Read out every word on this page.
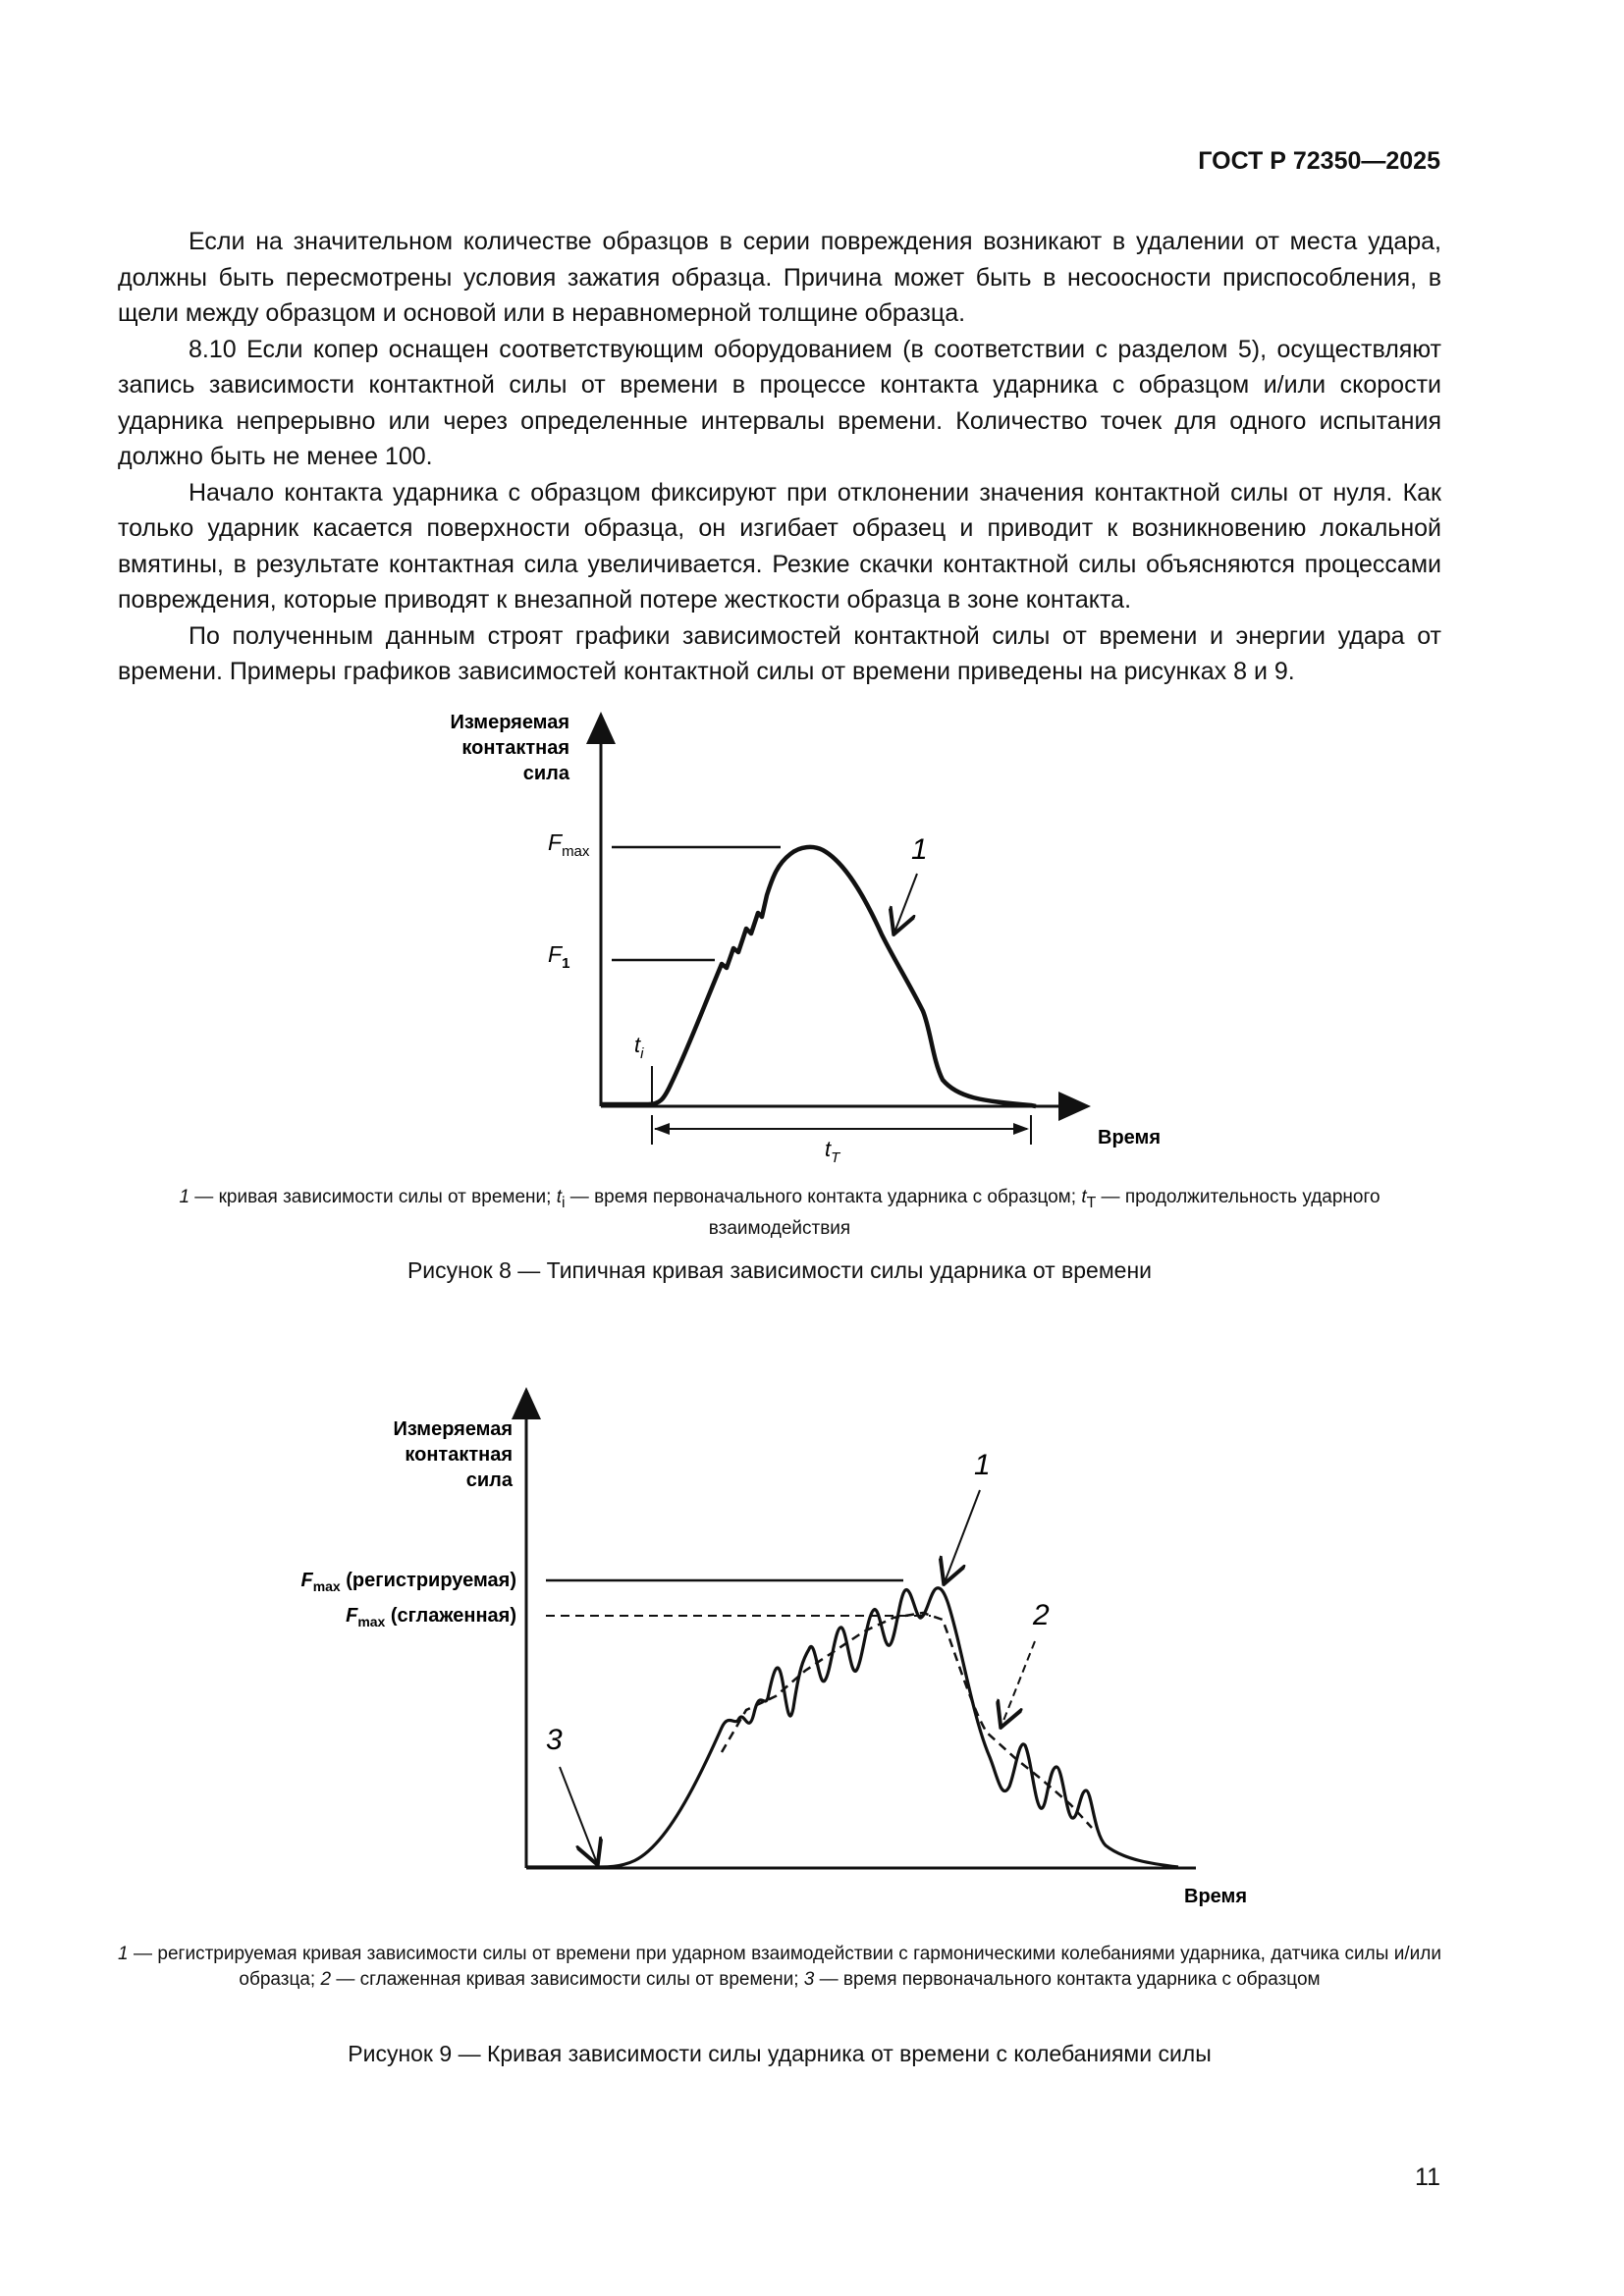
ГОСТ Р 72350—2025

Если на значительном количестве образцов в серии повреждения возникают в удалении от места удара, должны быть пересмотрены условия зажатия образца. Причина может быть в несоосности приспособления, в щели между образцом и основой или в неравномерной толщине образца.

8.10 Если копер оснащен соответствующим оборудованием (в соответствии с разделом 5), осуществляют запись зависимости контактной силы от времени в процессе контакта ударника с образцом и/или скорости ударника непрерывно или через определенные интервалы времени. Количество точек для одного испытания должно быть не менее 100.

Начало контакта ударника с образцом фиксируют при отклонении значения контактной силы от нуля. Как только ударник касается поверхности образца, он изгибает образец и приводит к возникновению локальной вмятины, в результате контактная сила увеличивается. Резкие скачки контактной силы объясняются процессами повреждения, которые приводят к внезапной потере жесткости образца в зоне контакта.

По полученным данным строят графики зависимостей контактной силы от времени и энергии удара от времени. Примеры графиков зависимостей контактной силы от времени приведены на рисунках 8 и 9.

Измеряемая
контактная
сила
Время
$F_{max}$
$F_1$
$t_i$
1
$t_T$
1 — кривая зависимости силы от времени; $t_i$ — время первоначального контакта ударника с образцом; $t_T$ — продолжительность ударного взаимодействия
Рисунок 8 — Типичная кривая зависимости силы ударника от времени
Измеряемая
контактная
сила
Время
$F_{max}$ (регистрируемая)
$F_{max}$ (сглаженная)
1
2
3
1 — регистрируемая кривая зависимости силы от времени при ударном взаимодействии с гармоническими колебаниями ударника, датчика силы и/или образца; 2 — сглаженная кривая зависимости силы от времени; 3 — время первоначального контакта ударника с образцом
Рисунок 9 — Кривая зависимости силы ударника от времени с колебаниями силы
11
